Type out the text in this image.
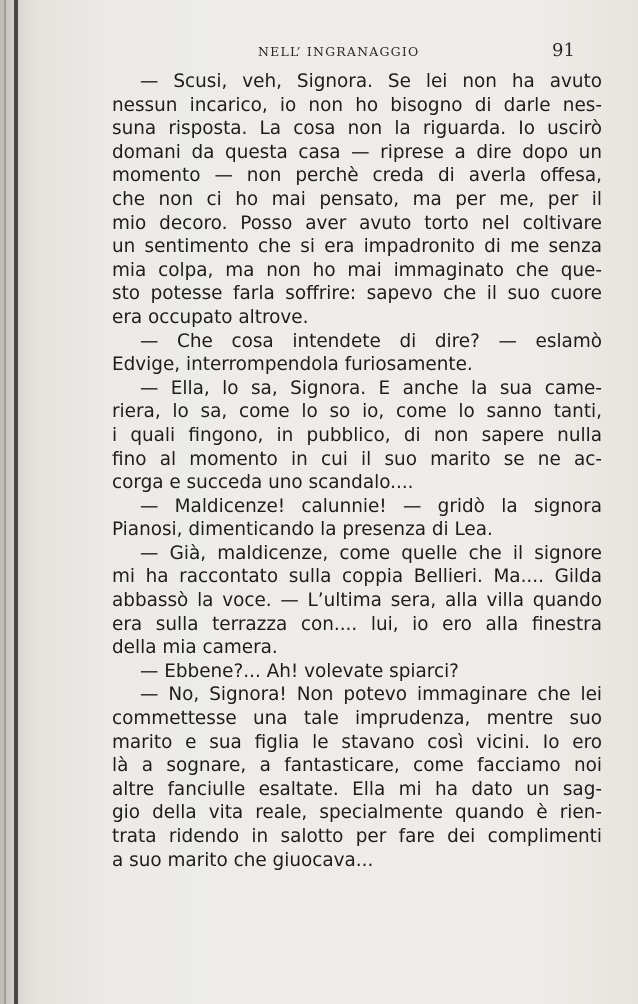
NELL’ INGRANAGGIO	91
— Scusi, veh, Signora. Se lei non ha avuto
nessun incarico, io non ho bisogno di darle nes-
suna risposta. La cosa non la riguarda. Io uscirò
domani da questa casa — riprese a dire dopo un
momento — non perchè creda di averla offesa,
che non ci ho mai pensato, ma per me, per il
mio decoro. Posso aver avuto torto nel coltivare
un sentimento che si era impadronito di me senza
mia colpa, ma non ho mai immaginato che que-
sto potesse farla soffrire: sapevo che il suo cuore
era occupato altrove.
— Che cosa intendete di dire? — eslamò
Edvige, interrompendola furiosamente.
— Ella, lo sa, Signora. E anche la sua came-
riera, lo sa, come lo so io, come lo sanno tanti,
i quali fingono, in pubblico, di non sapere nulla
fino al momento in cui il suo marito se ne ac-
corga e succeda uno scandalo....
— Maldicenze! calunnie! — gridò la signora
Pianosi, dimenticando la presenza di Lea.
— Già, maldicenze, come quelle che il signore
mi ha raccontato sulla coppia Bellieri. Ma.... Gilda
abbassò la voce. — L’ultima sera, alla villa quando
era sulla terrazza con.... lui, io ero alla finestra
della mia camera.
— Ebbene?... Ah! volevate spiarci?
— No, Signora! Non potevo immaginare che lei
commettesse una tale imprudenza, mentre suo
marito e sua figlia le stavano così vicini. Io ero
là a sognare, a fantasticare, come facciamo noi
altre fanciulle esaltate. Ella mi ha dato un sag-
gio della vita reale, specialmente quando è rien-
trata ridendo in salotto per fare dei complimenti
a suo marito che giuocava...
